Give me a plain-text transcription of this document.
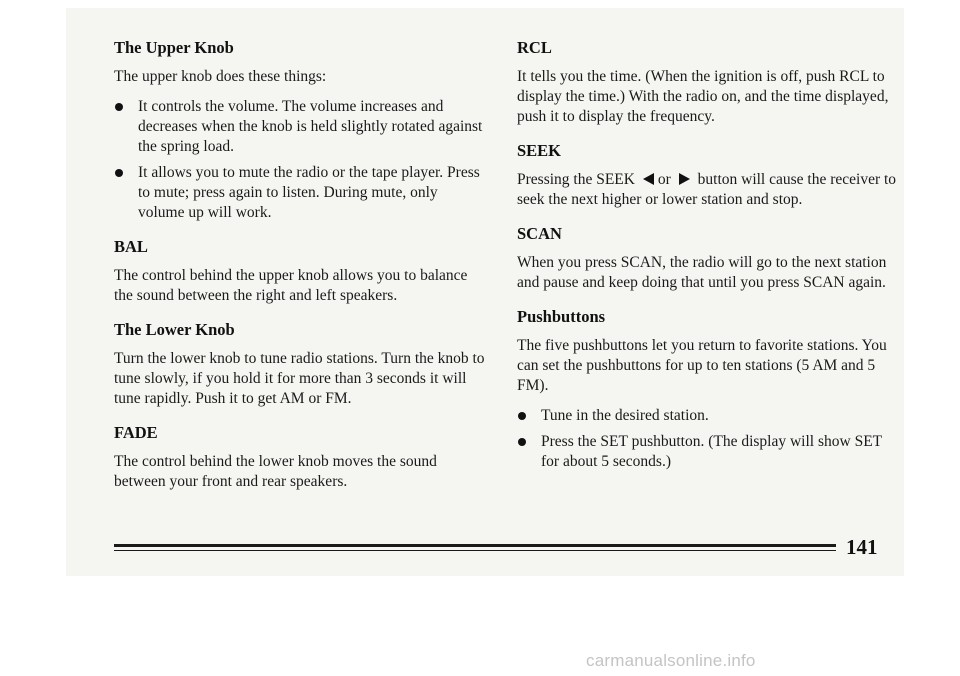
The Upper Knob

The upper knob does these things:

It controls the volume. The volume increases and decreases when the knob is held slightly rotated against the spring load.
It allows you to mute the radio or the tape player. Press to mute; press again to listen. During mute, only volume up will work.
BAL

The control behind the upper knob allows you to balance the sound between the right and left speakers.

The Lower Knob

Turn the lower knob to tune radio stations. Turn the knob to tune slowly, if you hold it for more than 3 seconds it will tune rapidly. Push it to get AM or FM.

FADE

The control behind the lower knob moves the sound between your front and rear speakers.

RCL

It tells you the time. (When the ignition is off, push RCL to display the time.) With the radio on, and the time displayed, push it to display the frequency.

SEEK

Pressing the SEEK or button will cause the receiver to seek the next higher or lower station and stop.

SCAN

When you press SCAN, the radio will go to the next station and pause and keep doing that until you press SCAN again.

Pushbuttons

The five pushbuttons let you return to favorite stations. You can set the pushbuttons for up to ten stations (5 AM and 5 FM).

Tune in the desired station.
Press the SET pushbutton. (The display will show SET for about 5 seconds.)
141
carmanualsonline.info
